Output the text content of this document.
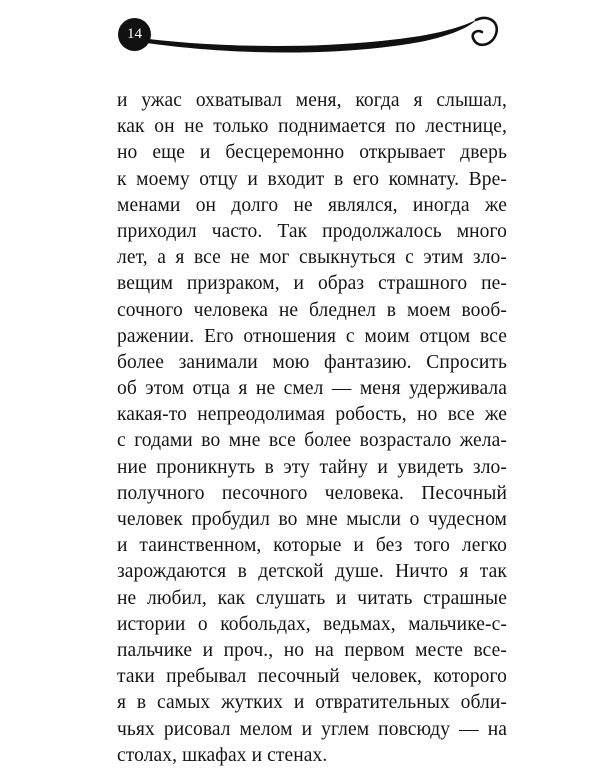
14
и ужас охватывал меня, когда я слышал,
как он не только поднимается по лестнице,
но еще и бесцеремонно открывает дверь
к моему отцу и входит в его комнату. Вре-
менами он долго не являлся, иногда же
приходил часто. Так продолжалось много
лет, а я все не мог свыкнуться с этим зло-
вещим призраком, и образ страшного пе-
сочного человека не бледнел в моем вооб-
ражении. Его отношения с моим отцом все
более занимали мою фантазию. Спросить
об этом отца я не смел — меня удерживала
какая-то непреодолимая робость, но все же
с годами во мне все более возрастало жела-
ние проникнуть в эту тайну и увидеть зло-
получного песочного человека. Песочный
человек пробудил во мне мысли о чудесном
и таинственном, которые и без того легко
зарождаются в детской душе. Ничто я так
не любил, как слушать и читать страшные
истории о кобольдах, ведьмах, мальчике-с-
пальчике и проч., но на первом месте все-
таки пребывал песочный человек, которого
я в самых жутких и отвратительных обли-
чьях рисовал мелом и углем повсюду — на
столах, шкафах и стенах.
